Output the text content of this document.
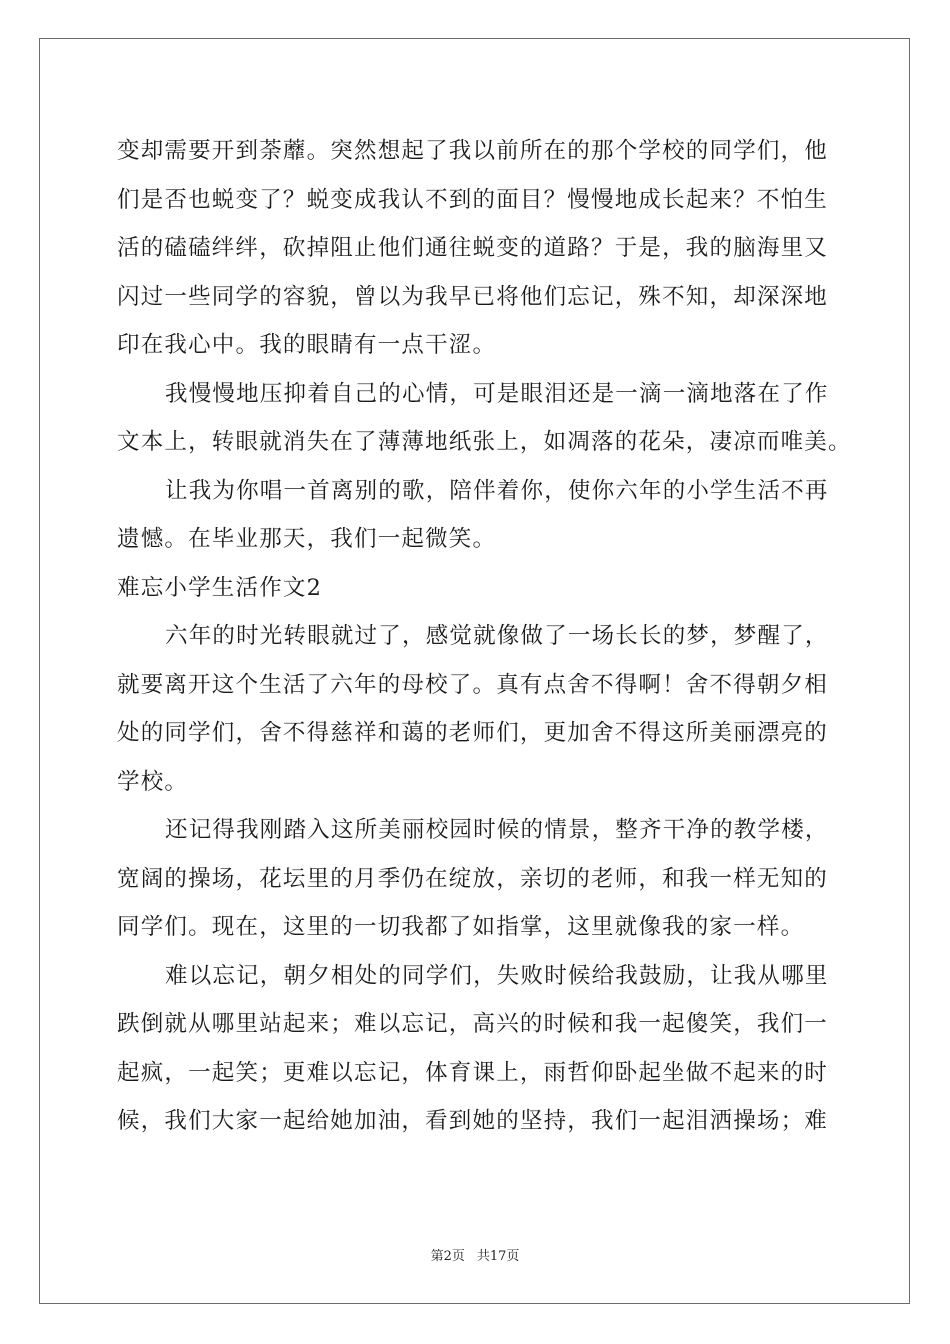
变却需要开到荼蘼。突然想起了我以前所在的那个学校的同学们，他
们是否也蜕变了？蜕变成我认不到的面目？慢慢地成长起来？不怕生
活的磕磕绊绊，砍掉阻止他们通往蜕变的道路？于是，我的脑海里又
闪过一些同学的容貌，曾以为我早已将他们忘记，殊不知，却深深地
印在我心中。我的眼睛有一点干涩。
我慢慢地压抑着自己的心情，可是眼泪还是一滴一滴地落在了作
文本上，转眼就消失在了薄薄地纸张上，如凋落的花朵，凄凉而唯美。
让我为你唱一首离别的歌，陪伴着你，使你六年的小学生活不再
遗憾。在毕业那天，我们一起微笑。
难忘小学生活作文2
六年的时光转眼就过了，感觉就像做了一场长长的梦，梦醒了，
就要离开这个生活了六年的母校了。真有点舍不得啊！舍不得朝夕相
处的同学们，舍不得慈祥和蔼的老师们，更加舍不得这所美丽漂亮的
学校。
还记得我刚踏入这所美丽校园时候的情景，整齐干净的教学楼，
宽阔的操场，花坛里的月季仍在绽放，亲切的老师，和我一样无知的
同学们。现在，这里的一切我都了如指掌，这里就像我的家一样。
难以忘记，朝夕相处的同学们，失败时候给我鼓励，让我从哪里
跌倒就从哪里站起来；难以忘记，高兴的时候和我一起傻笑，我们一
起疯，一起笑；更难以忘记，体育课上，雨哲仰卧起坐做不起来的时
候，我们大家一起给她加油，看到她的坚持，我们一起泪洒操场；难
第2页 共17页
